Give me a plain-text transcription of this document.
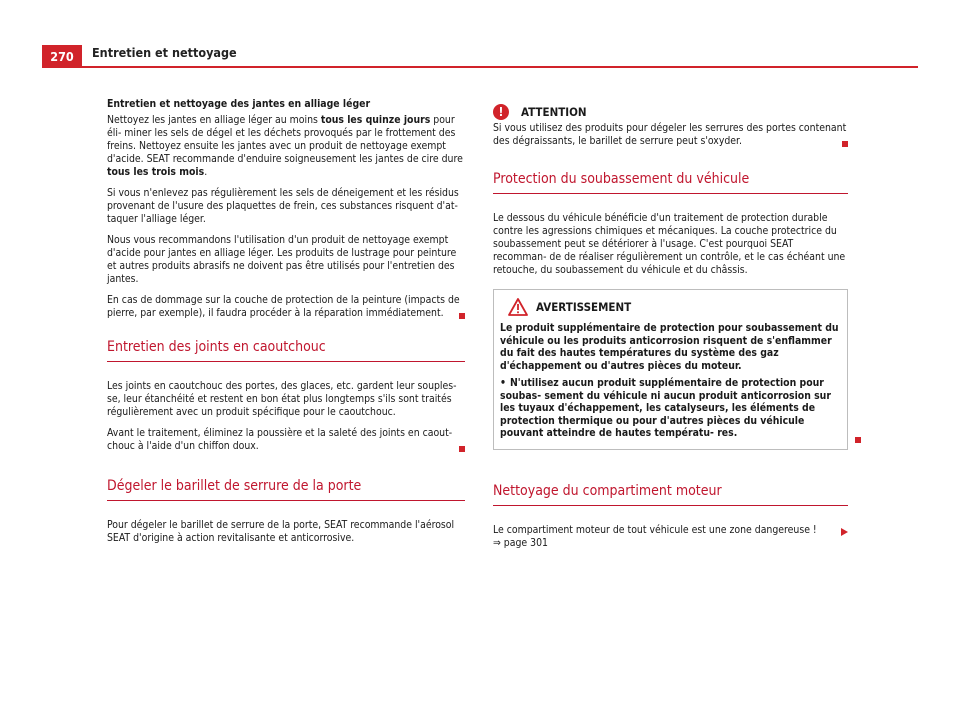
270	Entretien et nettoyage

Entretien et nettoyage des jantes en alliage léger

Nettoyez les jantes en alliage léger au moins tous les quinze jours pour éli- miner les sels de dégel et les déchets provoqués par le frottement des freins. Nettoyez ensuite les jantes avec un produit de nettoyage exempt d'acide. SEAT recommande d'enduire soigneusement les jantes de cire dure tous les trois mois.

Si vous n'enlevez pas régulièrement les sels de déneigement et les résidus provenant de l'usure des plaquettes de frein, ces substances risquent d'at- taquer l'alliage léger.

Nous vous recommandons l'utilisation d'un produit de nettoyage exempt d'acide pour jantes en alliage léger. Les produits de lustrage pour peinture et autres produits abrasifs ne doivent pas être utilisés pour l'entretien des jantes.

En cas de dommage sur la couche de protection de la peinture (impacts de pierre, par exemple), il faudra procéder à la réparation immédiatement.

Entretien des joints en caoutchouc

Les joints en caoutchouc des portes, des glaces, etc. gardent leur souples- se, leur étanchéité et restent en bon état plus longtemps s'ils sont traités régulièrement avec un produit spécifique pour le caoutchouc.

Avant le traitement, éliminez la poussière et la saleté des joints en caout- chouc à l'aide d'un chiffon doux.

Dégeler le barillet de serrure de la porte

Pour dégeler le barillet de serrure de la porte, SEAT recommande l'aérosol SEAT d'origine à action revitalisante et anticorrosive.

!	ATTENTION

Si vous utilisez des produits pour dégeler les serrures des portes contenant des dégraissants, le barillet de serrure peut s'oxyder.

Protection du soubassement du véhicule

Le dessous du véhicule bénéficie d'un traitement de protection durable contre les agressions chimiques et mécaniques. La couche protectrice du soubassement peut se détériorer à l'usage. C'est pourquoi SEAT recomman- de de réaliser régulièrement un contrôle, et le cas échéant une retouche, du soubassement du véhicule et du châssis.

AVERTISSEMENT

Le produit supplémentaire de protection pour soubassement du véhicule ou les produits anticorrosion risquent de s'enflammer du fait des hautes températures du système des gaz d'échappement ou d'autres pièces du moteur.

• N'utilisez aucun produit supplémentaire de protection pour soubas- sement du véhicule ni aucun produit anticorrosion sur les tuyaux d'échappement, les catalyseurs, les éléments de protection thermique ou pour d'autres pièces du véhicule pouvant atteindre de hautes températu- res.

Nettoyage du compartiment moteur

Le compartiment moteur de tout véhicule est une zone dangereuse !

⇒ page 301
